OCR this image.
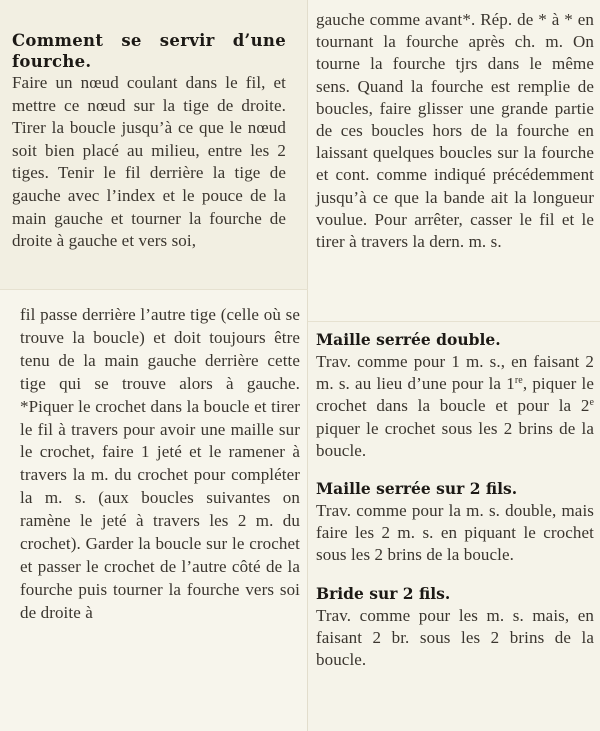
Comment se servir d’une fourche.

Faire un nœud coulant dans le fil, et mettre ce nœud sur la tige de droite. Tirer la boucle jusqu’à ce que le nœud soit bien placé au milieu, entre les 2 tiges. Tenir le fil derrière la tige de gauche avec l’index et le pouce de la main gauche et tourner la fourche de droite à gauche et vers soi,

gauche comme avant*. Rép. de * à * en tournant la fourche après ch. m. On tourne la fourche tjrs dans le même sens. Quand la fourche est remplie de boucles, faire glisser une grande partie de ces boucles hors de la fourche en laissant quelques boucles sur la fourche et cont. comme indiqué précédemment jusqu’à ce que la bande ait la longueur voulue. Pour arrêter, casser le fil et le tirer à travers la dern. m. s.

fil passe derrière l’autre tige (celle où se trouve la boucle) et doit toujours être tenu de la main gauche derrière cette tige qui se trouve alors à gauche. *Piquer le crochet dans la boucle et tirer le fil à travers pour avoir une maille sur le crochet, faire 1 jeté et le ramener à travers la m. du crochet pour compléter la m. s. (aux boucles suivantes on ramène le jeté à travers les 2 m. du crochet). Garder la boucle sur le crochet et passer le crochet de l’autre côté de la fourche puis tourner la fourche vers soi de droite à

Maille serrée double.

Trav. comme pour 1 m. s., en faisant 2 m. s. au lieu d’une pour la 1re, piquer le crochet dans la boucle et pour la 2e piquer le crochet sous les 2 brins de la boucle.

Maille serrée sur 2 fils.

Trav. comme pour la m. s. double, mais faire les 2 m. s. en piquant le crochet sous les 2 brins de la boucle.

Bride sur 2 fils.

Trav. comme pour les m. s. mais, en faisant 2 br. sous les 2 brins de la boucle.
